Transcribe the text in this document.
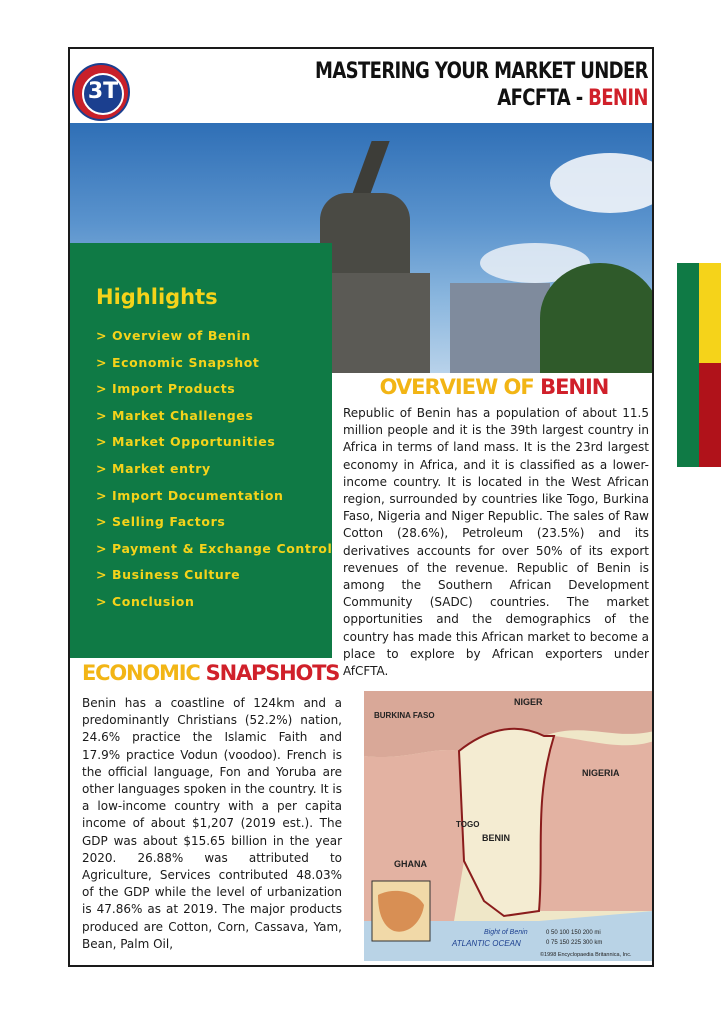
3T
MASTERING YOUR MARKET UNDER
AFCFTA - BENIN
Highlights
> Overview of Benin
> Economic Snapshot
> Import Products
> Market Challenges
> Market Opportunities
> Market entry
> Import Documentation
> Selling Factors
> Payment & Exchange Control
> Business Culture
> Conclusion
OVERVIEW OF BENIN

Republic of Benin has a population of about 11.5 million people and it is the 39th largest country in Africa in terms of land mass. It is the 23rd largest economy in Africa, and it is classified as a lower-income country. It is located in the West African region, surrounded by countries like Togo, Burkina Faso, Nigeria and Niger Republic. The sales of Raw Cotton (28.6%), Petroleum (23.5%) and its derivatives accounts for over 50% of its export revenues of the revenue. Republic of Benin is among the Southern African Development Community (SADC) countries. The market opportunities and the demographics of the country has made this African market to become a place to explore by African exporters under AfCFTA.

ECONOMIC SNAPSHOTS

Benin has a coastline of 124km and a predominantly Christians (52.2%) nation, 24.6% practice the Islamic Faith and 17.9% practice Vodun (voodoo). French is the official language, Fon and Yoruba are other languages spoken in the country. It is a low-income country with a per capita income of about $1,207 (2019 est.). The GDP was about $15.65 billion in the year 2020. 26.88% was attributed to Agriculture, Services contributed 48.03% of the GDP while the level of urbanization is 47.86% as at 2019. The major products produced are Cotton, Corn, Cassava, Yam, Bean, Palm Oil,

NIGER
BURKINA FASO
NIGERIA
TOGO
BENIN
GHANA
Bight of Benin
ATLANTIC OCEAN
0 50 100 150 200 mi
0 75 150 225 300 km
©1998 Encyclopaedia Britannica, Inc.
